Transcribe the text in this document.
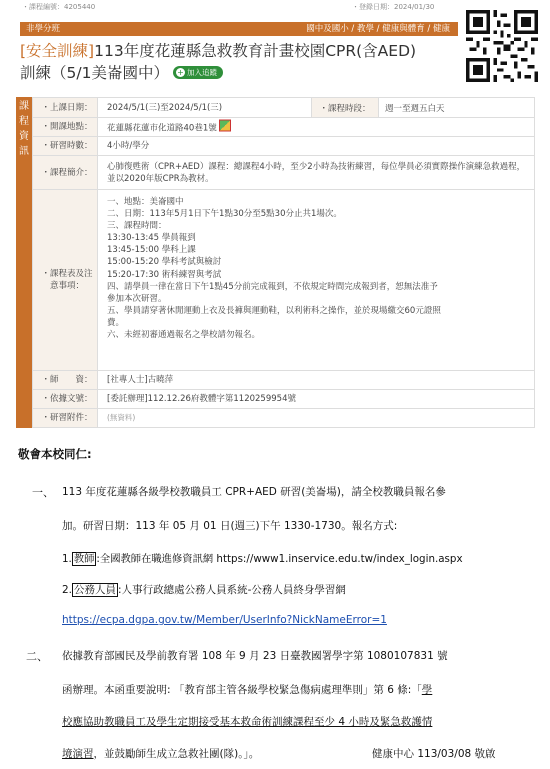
・課程編號：4205440	・登錄日期：2024/01/30
非學分班	國中及國小 / 教學 / 健康與體育 / 健康
[安全訓練]113年度花蓮縣急救教育計畫校園CPR(含AED)
訓練（5/1美崙國中） + 加入追蹤
課程資訊
・上課日期： 2024/5/1(三)至2024/5/1(三)	・課程時段：	週一至週五白天
・開課地點： 花蓮縣花蓮市化道路40巷1號
・研習時數： 4小時/學分
・課程簡介：
心肺復甦術（CPR+AED）課程：總課程4小時，至少2小時為技術練習，每位學員必須實際操作演練急救過程，並以2020年版CPR為教材。
・課程表及注意事項：
一、地點：美崙國中
二、日期：113年5月1日下午1點30分至5點30分止共1場次。
三、課程時間：
13:30-13:45 學員報到
13:45-15:00 學科上課
15:00-15:20 學科考試與檢討
15:20-17:30 術科練習與考試
四、請學員一律在當日下午1點45分前完成報到，不依規定時間完成報到者，恕無法准予
參加本次研習。
五、學員請穿著休閒運動上衣及長褲與運動鞋，以利術科之操作，並於現場繳交60元證照
費。
六、未經初審通過報名之學校請勿報名。
・師　　資： [社專人士]古曉萍
・依據文號： [委託辦理]112.12.26府教體字第1120259954號
・研習附件：	(無資料)
敬會本校同仁:
一、 113 年度花蓮縣各級學校教職員工 CPR+AED 研習(美崙場)，請全校教職員報名參
加。研習日期：113 年 05 月 01 日(週三)下午 1330-1730。報名方式:
1. 教師 :全國教師在職進修資訊網 https://www1.inservice.edu.tw/index_login.aspx
2. 公務人員 :人事行政總處公務人員系統-公務人員終身學習網
https://ecpa.dgpa.gov.tw/Member/UserInfo?NickNameError=1
二、 依據教育部國民及學前教育署 108 年 9 月 23 日臺教國署學字第 1080107831 號
函辦理。本函重要說明: 「教育部主管各級學校緊急傷病處理準則」第 6 條:「學
校應協助教職員工及學生定期接受基本救命術訓練課程至少 4 小時及緊急救護情
境演習，並鼓勵師生成立急救社團(隊)。」。	健康中心 113/03/08 敬啟
